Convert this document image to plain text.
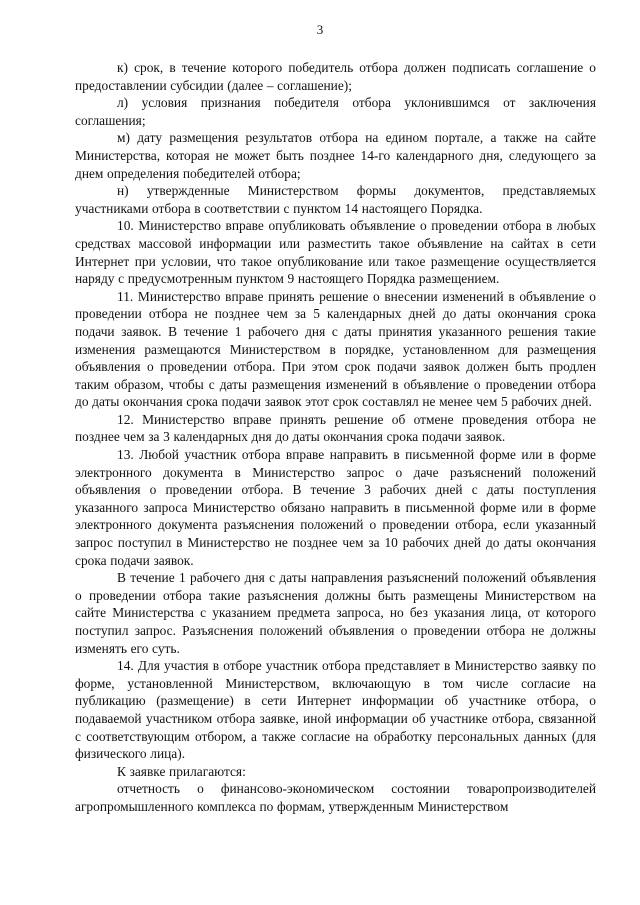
3

к) срок, в течение которого победитель отбора должен подписать соглашение о предоставлении субсидии (далее – соглашение);

л) условия признания победителя отбора уклонившимся от заключения соглашения;

м) дату размещения результатов отбора на едином портале, а также на сайте Министерства, которая не может быть позднее 14-го календарного дня, следующего за днем определения победителей отбора;

н) утвержденные Министерством формы документов, представляемых участниками отбора в соответствии с пунктом 14 настоящего Порядка.

10. Министерство вправе опубликовать объявление о проведении отбора в любых средствах массовой информации или разместить такое объявление на сайтах в сети Интернет при условии, что такое опубликование или такое размещение осуществляется наряду с предусмотренным пунктом 9 настоящего Порядка размещением.

11. Министерство вправе принять решение о внесении изменений в объявление о проведении отбора не позднее чем за 5 календарных дней до даты окончания срока подачи заявок. В течение 1 рабочего дня с даты принятия указанного решения такие изменения размещаются Министерством в порядке, установленном для размещения объявления о проведении отбора. При этом срок подачи заявок должен быть продлен таким образом, чтобы с даты размещения изменений в объявление о проведении отбора до даты окончания срока подачи заявок этот срок составлял не менее чем 5 рабочих дней.

12. Министерство вправе принять решение об отмене проведения отбора не позднее чем за 3 календарных дня до даты окончания срока подачи заявок.

13. Любой участник отбора вправе направить в письменной форме или в форме электронного документа в Министерство запрос о даче разъяснений положений объявления о проведении отбора. В течение 3 рабочих дней с даты поступления указанного запроса Министерство обязано направить в письменной форме или в форме электронного документа разъяснения положений о проведении отбора, если указанный запрос поступил в Министерство не позднее чем за 10 рабочих дней до даты окончания срока подачи заявок.

В течение 1 рабочего дня с даты направления разъяснений положений объявления о проведении отбора такие разъяснения должны быть размещены Министерством на сайте Министерства с указанием предмета запроса, но без указания лица, от которого поступил запрос. Разъяснения положений объявления о проведении отбора не должны изменять его суть.

14. Для участия в отборе участник отбора представляет в Министерство заявку по форме, установленной Министерством, включающую в том числе согласие на публикацию (размещение) в сети Интернет информации об участнике отбора, о подаваемой участником отбора заявке, иной информации об участнике отбора, связанной с соответствующим отбором, а также согласие на обработку персональных данных (для физического лица).

К заявке прилагаются:

отчетность о финансово-экономическом состоянии товаропроизводителей агропромышленного комплекса по формам, утвержденным Министерством
